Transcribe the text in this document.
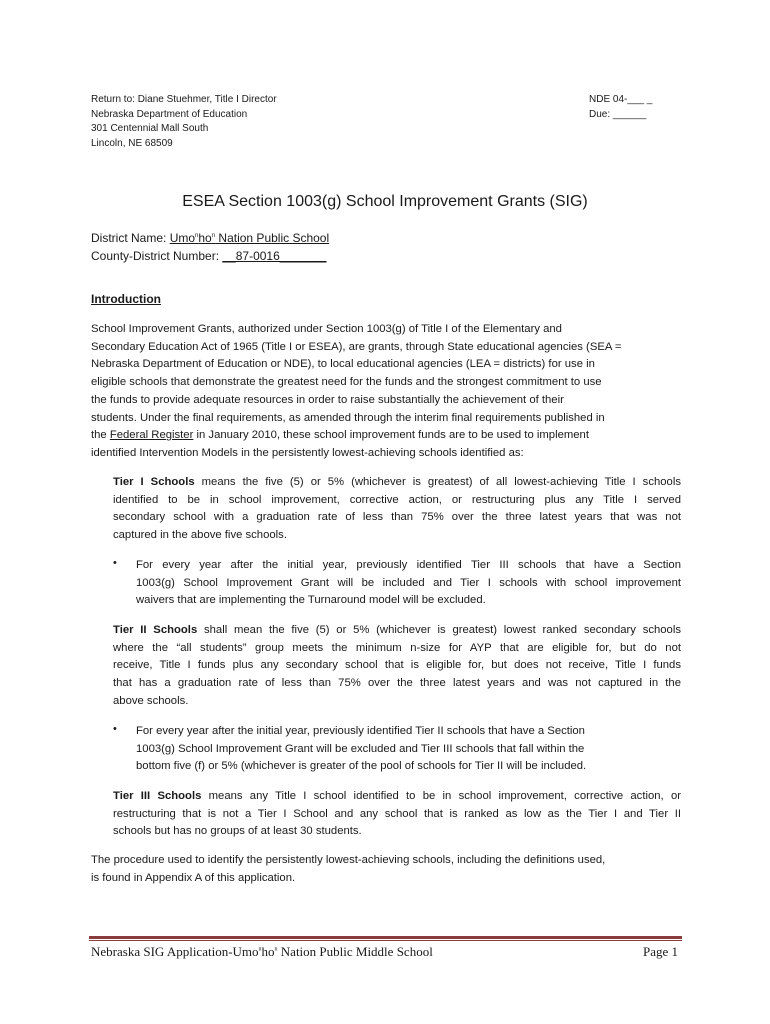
Return to: Diane Stuehmer, Title I Director
Nebraska Department of Education
301 Centennial Mall South
Lincoln, NE 68509
NDE 04-___ _
Due: ______
ESEA Section 1003(g) School Improvement Grants (SIG)
District Name: $Umo^nho^n$ Nation Public School
County-District Number: __87-0016_______
Introduction
School Improvement Grants, authorized under Section 1003(g) of Title I of the Elementary and
Secondary Education Act of 1965 (Title I or ESEA), are grants, through State educational agencies (SEA =
Nebraska Department of Education or NDE), to local educational agencies (LEA = districts) for use in
eligible schools that demonstrate the greatest need for the funds and the strongest commitment to use
the funds to provide adequate resources in order to raise substantially the achievement of their
students. Under the final requirements, as amended through the interim final requirements published in
the Federal Register in January 2010, these school improvement funds are to be used to implement
identified Intervention Models in the persistently lowest-achieving schools identified as:
Tier I Schools means the five (5) or 5% (whichever is greatest) of all lowest-achieving Title I schools
identified to be in school improvement, corrective action, or restructuring plus any Title I served
secondary school with a graduation rate of less than 75% over the three latest years that was not
captured in the above five schools.
• For every year after the initial year, previously identified Tier III schools that have a Section
1003(g) School Improvement Grant will be included and Tier I schools with school improvement
waivers that are implementing the Turnaround model will be excluded.
Tier II Schools shall mean the five (5) or 5% (whichever is greatest) lowest ranked secondary schools
where the “all students” group meets the minimum n-size for AYP that are eligible for, but do not
receive, Title I funds plus any secondary school that is eligible for, but does not receive, Title I funds
that has a graduation rate of less than 75% over the three latest years and was not captured in the
above schools.
• For every year after the initial year, previously identified Tier II schools that have a Section
1003(g) School Improvement Grant will be excluded and Tier III schools that fall within the
bottom five (f) or 5% (whichever is greater of the pool of schools for Tier II will be included.
Tier III Schools means any Title I school identified to be in school improvement, corrective action, or
restructuring that is not a Tier I School and any school that is ranked as low as the Tier I and Tier II
schools but has no groups of at least 30 students.
The procedure used to identify the persistently lowest-achieving schools, including the definitions used,
is found in Appendix A of this application.
Nebraska SIG Application-$Umo^nho^n$ Nation Public Middle School	Page 1
